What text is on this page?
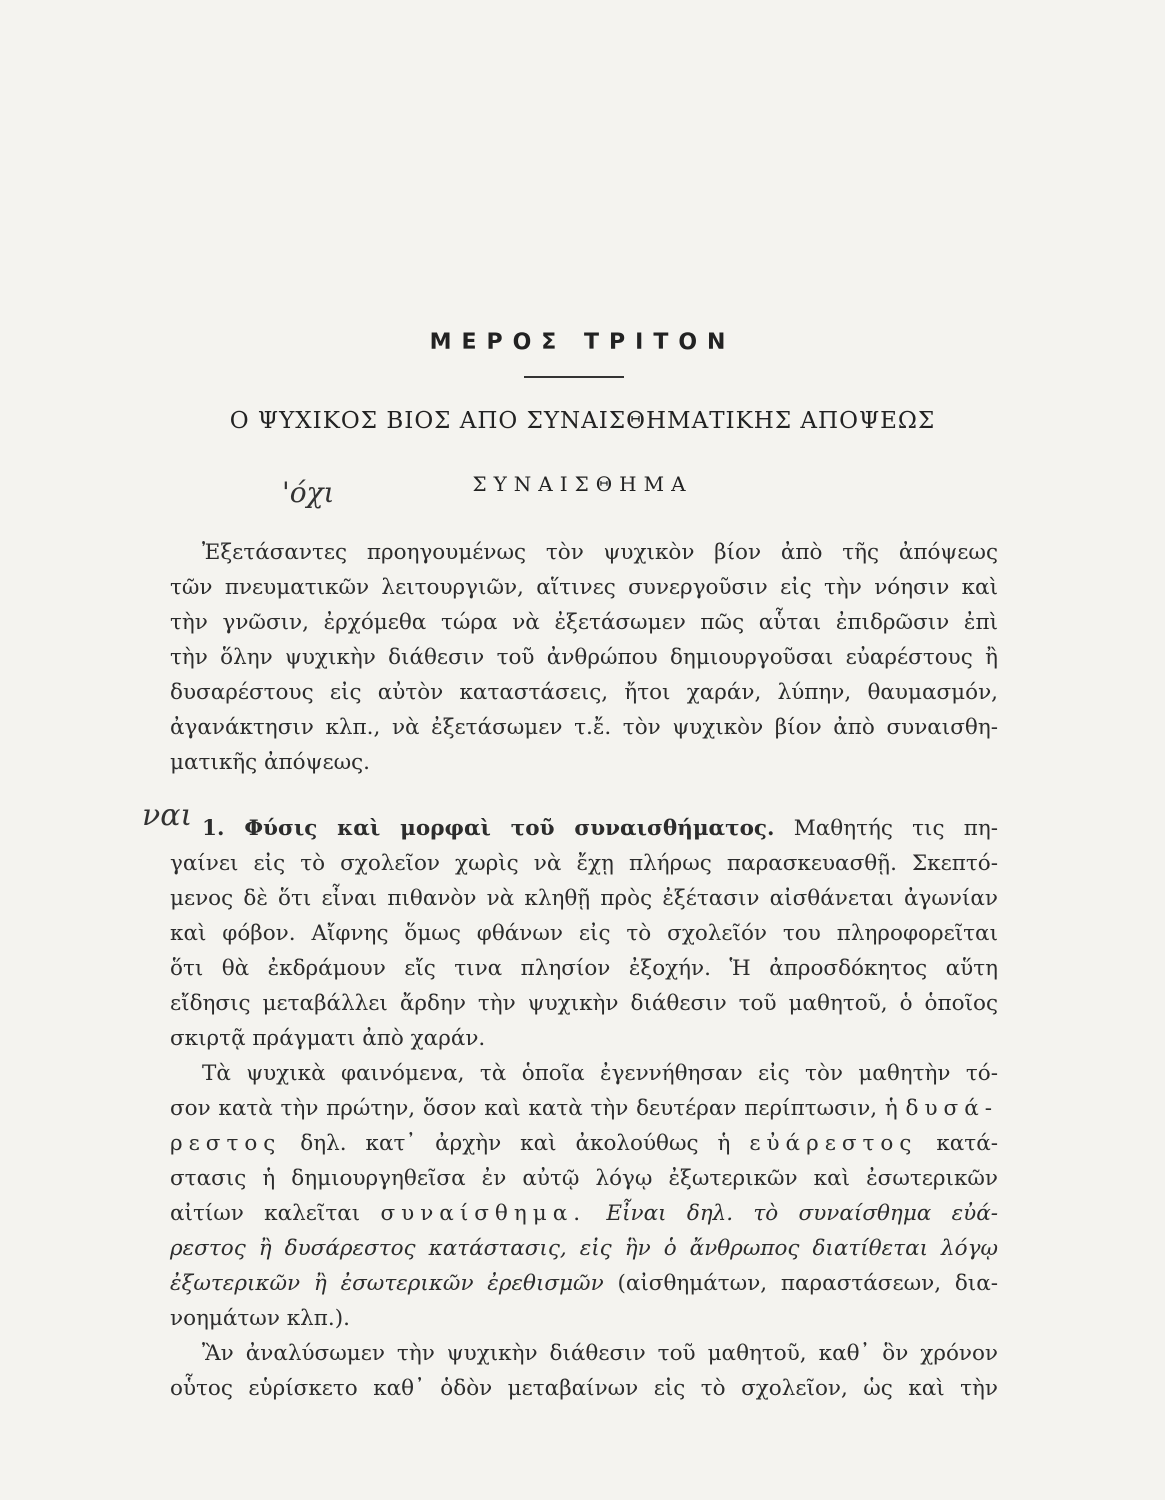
ΜΕΡΟΣ ΤΡΙΤΟΝ
Ο ΨΥΧΙΚΟΣ ΒΙΟΣ ΑΠΟ ΣΥΝΑΙΣΘΗΜΑΤΙΚΗΣ ΑΠΟΨΕΩΣ
ΣΥΝΑΙΣΘΗΜΑ
'όχι
ναι
Ἐξετάσαντες προηγουμένως τὸν ψυχικὸν βίον ἀπὸ τῆς ἀπόψεως
τῶν πνευματικῶν λειτουργιῶν, αἵτινες συνεργοῦσιν εἰς τὴν νόησιν καὶ
τὴν γνῶσιν, ἐρχόμεθα τώρα νὰ ἐξετάσωμεν πῶς αὗται ἐπιδρῶσιν ἐπὶ
τὴν ὅλην ψυχικὴν διάθεσιν τοῦ ἀνθρώπου δημιουργοῦσαι εὐαρέστους ἢ
δυσαρέστους εἰς αὐτὸν καταστάσεις, ἤτοι χαράν, λύπην, θαυμασμόν,
ἀγανάκτησιν κλπ., νὰ ἐξετάσωμεν τ.ἔ. τὸν ψυχικὸν βίον ἀπὸ συναισθη-
ματικῆς ἀπόψεως.
1. Φύσις καὶ μορφαὶ τοῦ συναισθήματος. Μαθητής τις πη-
γαίνει εἰς τὸ σχολεῖον χωρὶς νὰ ἔχῃ πλήρως παρασκευασθῇ. Σκεπτό-
μενος δὲ ὅτι εἶναι πιθανὸν νὰ κληθῇ πρὸς ἐξέτασιν αἰσθάνεται ἀγωνίαν
καὶ φόβον. Αἴφνης ὅμως φθάνων εἰς τὸ σχολεῖόν του πληροφορεῖται
ὅτι θὰ ἐκδράμουν εἴς τινα πλησίον ἐξοχήν. Ἡ ἀπροσδόκητος αὕτη
εἴδησις μεταβάλλει ἄρδην τὴν ψυχικὴν διάθεσιν τοῦ μαθητοῦ, ὁ ὁποῖος
σκιρτᾷ πράγματι ἀπὸ χαράν.
Τὰ ψυχικὰ φαινόμενα, τὰ ὁποῖα ἐγεννήθησαν εἰς τὸν μαθητὴν τό-
σον κατὰ τὴν πρώτην, ὅσον καὶ κατὰ τὴν δευτέραν περίπτωσιν, ἡ δυσά-
ρεστος δηλ. κατ᾽ ἀρχὴν καὶ ἀκολούθως ἡ εὐάρεστος κατά-
στασις ἡ δημιουργηθεῖσα ἐν αὐτῷ λόγῳ ἐξωτερικῶν καὶ ἐσωτερικῶν
αἰτίων καλεῖται συναίσθημα. Εἶναι δηλ. τὸ συναίσθημα εὐά-
ρεστος ἢ δυσάρεστος κατάστασις, εἰς ἣν ὁ ἄνθρωπος διατίθεται λόγῳ
ἐξωτερικῶν ἢ ἐσωτερικῶν ἐρεθισμῶν (αἰσθημάτων, παραστάσεων, δια-
νοημάτων κλπ.).
Ἂν ἀναλύσωμεν τὴν ψυχικὴν διάθεσιν τοῦ μαθητοῦ, καθ᾽ ὃν χρόνον
οὗτος εὑρίσκετο καθ᾽ ὁδὸν μεταβαίνων εἰς τὸ σχολεῖον, ὡς καὶ τὴν
